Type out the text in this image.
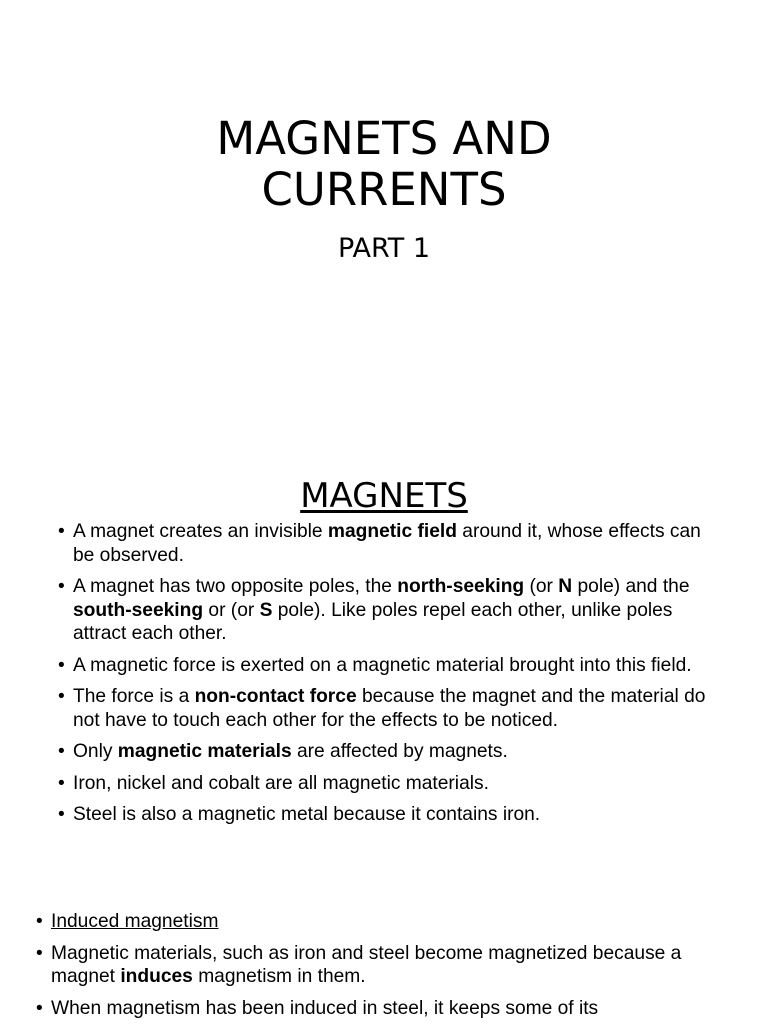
MAGNETS AND
CURRENTS
PART 1
MAGNETS
• A magnet creates an invisible magnetic field around it, whose effects can be observed.
• A magnet has two opposite poles, the north-seeking (or N pole) and the south-seeking or (or S pole). Like poles repel each other, unlike poles attract each other.
• A magnetic force is exerted on a magnetic material brought into this field.
• The force is a non-contact force because the magnet and the material do not have to touch each other for the effects to be noticed.
• Only magnetic materials are affected by magnets.
• Iron, nickel and cobalt are all magnetic materials.
• Steel is also a magnetic metal because it contains iron.
• Induced magnetism
• Magnetic materials, such as iron and steel become magnetized because a magnet induces magnetism in them.
• When magnetism has been induced in steel, it keeps some of its
